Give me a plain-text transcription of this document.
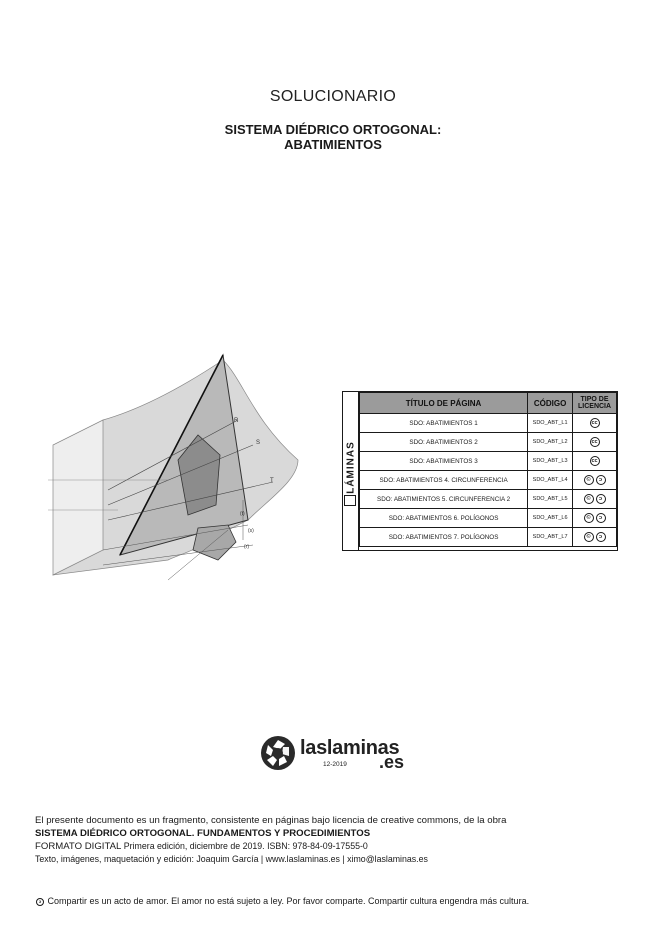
SOLUCIONARIO
SISTEMA DIÉDRICO ORTOGONAL:
ABATIMIENTOS
R
S
T
(t)
(s)
(r)
LÁMINAS
TÍTULO DE PÁGINA	CÓDIGO	TIPO DE LICENCIA
SDO: ABATIMIENTOS 1	SDO_ABT_L1	cc
SDO: ABATIMIENTOS 2	SDO_ABT_L2	cc
SDO: ABATIMIENTOS 3	SDO_ABT_L3	cc
SDO: ABATIMIENTOS 4. CIRCUNFERENCIA	SDO_ABT_L4	© ↄ
SDO: ABATIMIENTOS 5. CIRCUNFERENCIA 2	SDO_ABT_L5	© ↄ
SDO: ABATIMIENTOS 6. POLÍGONOS	SDO_ABT_L6	© ↄ
SDO: ABATIMIENTOS 7. POLÍGONOS	SDO_ABT_L7	© ↄ
laslaminas
.es
12-2019
El presente documento es un fragmento, consistente en páginas bajo licencia de creative commons, de la obra
SISTEMA DIÉDRICO ORTOGONAL. FUNDAMENTOS Y PROCEDIMIENTOS
FORMATO DIGITAL Primera edición, diciembre de 2019. ISBN: 978-84-09-17555-0
Texto, imágenes, maquetación y edición: Joaquim García | www.laslaminas.es | ximo@laslaminas.es
ↄ Compartir es un acto de amor. El amor no está sujeto a ley. Por favor comparte. Compartir cultura engendra más cultura.
